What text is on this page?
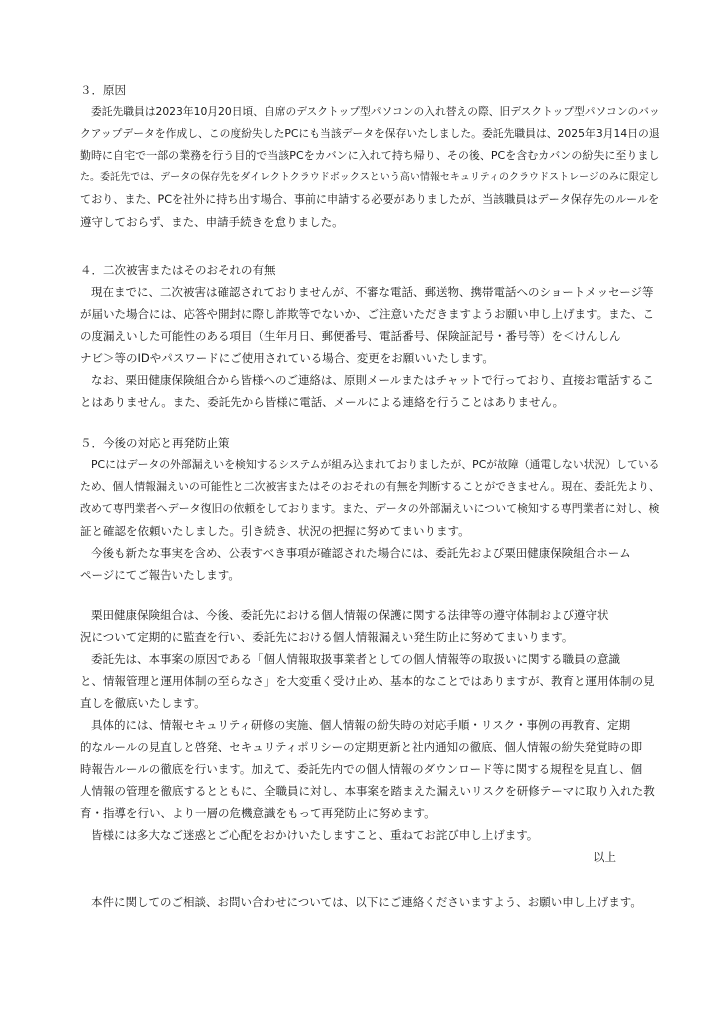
３．原因
委託先職員は2023年10月20日頃、自席のデスクトップ型パソコンの入れ替えの際、旧デスクトップ型パソコンのバッ
クアップデータを作成し、この度紛失したPCにも当該データを保存いたしました。委託先職員は、2025年3月14日の退
勤時に自宅で一部の業務を行う目的で当該PCをカバンに入れて持ち帰り、その後、PCを含むカバンの紛失に至りまし
た。委託先では、データの保存先をダイレクトクラウドボックスという高い情報セキュリティのクラウドストレージのみに限定し
ており、また、PCを社外に持ち出す場合、事前に申請する必要がありましたが、当該職員はデータ保存先のルールを
遵守しておらず、また、申請手続きを怠りました。
４．二次被害またはそのおそれの有無
現在までに、二次被害は確認されておりませんが、不審な電話、郵送物、携帯電話へのショートメッセージ等
が届いた場合には、応答や開封に際し詐欺等でないか、ご注意いただきますようお願い申し上げます。また、こ
の度漏えいした可能性のある項目（生年月日、郵便番号、電話番号、保険証記号・番号等）を＜けんしん
ナビ＞等のIDやパスワードにご使用されている場合、変更をお願いいたします。
なお、栗田健康保険組合から皆様へのご連絡は、原則メールまたはチャットで行っており、直接お電話するこ
とはありません。また、委託先から皆様に電話、メールによる連絡を行うことはありません。
５．今後の対応と再発防止策
PCにはデータの外部漏えいを検知するシステムが組み込まれておりましたが、PCが故障（通電しない状況）している
ため、個人情報漏えいの可能性と二次被害またはそのおそれの有無を判断することができません。現在、委託先より、
改めて専門業者へデータ復旧の依頼をしております。また、データの外部漏えいについて検知する専門業者に対し、検
証と確認を依頼いたしました。引き続き、状況の把握に努めてまいります。
今後も新たな事実を含め、公表すべき事項が確認された場合には、委託先および栗田健康保険組合ホーム
ページにてご報告いたします。
栗田健康保険組合は、今後、委託先における個人情報の保護に関する法律等の遵守体制および遵守状
況について定期的に監査を行い、委託先における個人情報漏えい発生防止に努めてまいります。
委託先は、本事案の原因である「個人情報取扱事業者としての個人情報等の取扱いに関する職員の意識
と、情報管理と運用体制の至らなさ」を大変重く受け止め、基本的なことではありますが、教育と運用体制の見
直しを徹底いたします。
具体的には、情報セキュリティ研修の実施、個人情報の紛失時の対応手順・リスク・事例の再教育、定期
的なルールの見直しと啓発、セキュリティポリシーの定期更新と社内通知の徹底、個人情報の紛失発覚時の即
時報告ルールの徹底を行います。加えて、委託先内での個人情報のダウンロード等に関する規程を見直し、個
人情報の管理を徹底するとともに、全職員に対し、本事案を踏まえた漏えいリスクを研修テーマに取り入れた教
育・指導を行い、より一層の危機意識をもって再発防止に努めます。
皆様には多大なご迷惑とご心配をおかけいたしますこと、重ねてお詫び申し上げます。
以上
本件に関してのご相談、お問い合わせについては、以下にご連絡くださいますよう、お願い申し上げます。
